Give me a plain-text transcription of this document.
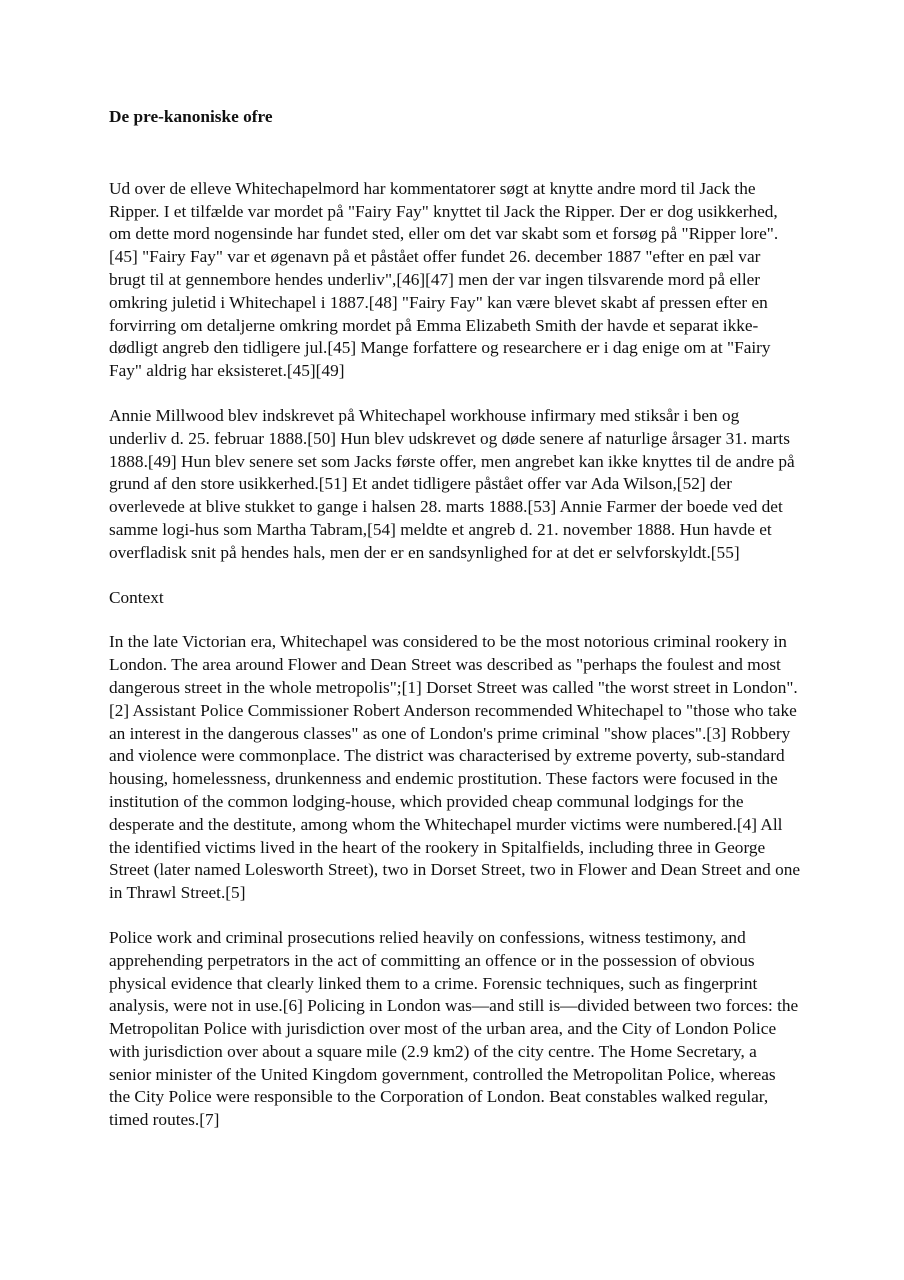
De pre-kanoniske ofre

Ud over de elleve Whitechapelmord har kommentatorer søgt at knytte andre mord til Jack the Ripper. I et tilfælde var mordet på "Fairy Fay" knyttet til Jack the Ripper. Der er dog usikkerhed, om dette mord nogensinde har fundet sted, eller om det var skabt som et forsøg på "Ripper lore".[45] "Fairy Fay" var et øgenavn på et påstået offer fundet 26. december 1887 "efter en pæl var brugt til at gennembore hendes underliv",[46][47] men der var ingen tilsvarende mord på eller omkring juletid i Whitechapel i 1887.[48] "Fairy Fay" kan være blevet skabt af pressen efter en forvirring om detaljerne omkring mordet på Emma Elizabeth Smith der havde et separat ikke-dødligt angreb den tidligere jul.[45] Mange forfattere og researchere er i dag enige om at "Fairy Fay" aldrig har eksisteret.[45][49]

Annie Millwood blev indskrevet på Whitechapel workhouse infirmary med stiksår i ben og underliv d. 25. februar 1888.[50] Hun blev udskrevet og døde senere af naturlige årsager 31. marts 1888.[49] Hun blev senere set som Jacks første offer, men angrebet kan ikke knyttes til de andre på grund af den store usikkerhed.[51] Et andet tidligere påstået offer var Ada Wilson,[52] der overlevede at blive stukket to gange i halsen 28. marts 1888.[53] Annie Farmer der boede ved det samme logi-hus som Martha Tabram,[54] meldte et angreb d. 21. november 1888. Hun havde et overfladisk snit på hendes hals, men der er en sandsynlighed for at det er selvforskyldt.[55]

Context

In the late Victorian era, Whitechapel was considered to be the most notorious criminal rookery in London. The area around Flower and Dean Street was described as "perhaps the foulest and most dangerous street in the whole metropolis";[1] Dorset Street was called "the worst street in London".[2] Assistant Police Commissioner Robert Anderson recommended Whitechapel to "those who take an interest in the dangerous classes" as one of London's prime criminal "show places".[3] Robbery and violence were commonplace. The district was characterised by extreme poverty, sub-standard housing, homelessness, drunkenness and endemic prostitution. These factors were focused in the institution of the common lodging-house, which provided cheap communal lodgings for the desperate and the destitute, among whom the Whitechapel murder victims were numbered.[4] All the identified victims lived in the heart of the rookery in Spitalfields, including three in George Street (later named Lolesworth Street), two in Dorset Street, two in Flower and Dean Street and one in Thrawl Street.[5]

Police work and criminal prosecutions relied heavily on confessions, witness testimony, and apprehending perpetrators in the act of committing an offence or in the possession of obvious physical evidence that clearly linked them to a crime. Forensic techniques, such as fingerprint analysis, were not in use.[6] Policing in London was—and still is—divided between two forces: the Metropolitan Police with jurisdiction over most of the urban area, and the City of London Police with jurisdiction over about a square mile (2.9 km2) of the city centre. The Home Secretary, a senior minister of the United Kingdom government, controlled the Metropolitan Police, whereas the City Police were responsible to the Corporation of London. Beat constables walked regular, timed routes.[7]
